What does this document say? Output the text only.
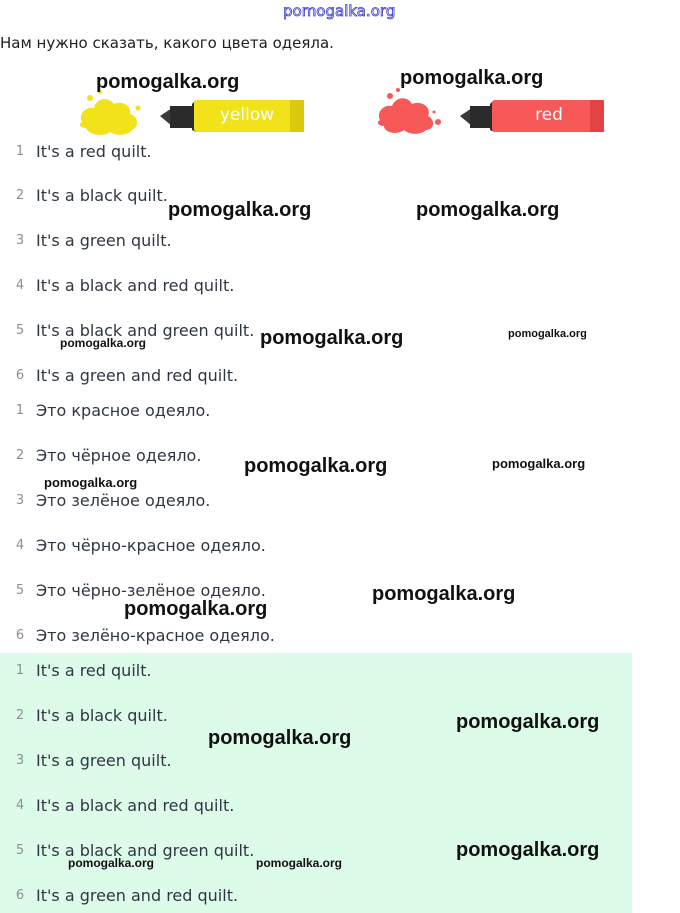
pomogalka.org
Нам нужно сказать, какого цвета одеяла.
yellow	red
1 It's a red quilt.
2 It's a black quilt.
3 It's a green quilt.
4 It's a black and red quilt.
5 It's a black and green quilt.
6 It's a green and red quilt.
1 Это красное одеяло.
2 Это чёрное одеяло.
3 Это зелёное одеяло.
4 Это чёрно-красное одеяло.
5 Это чёрно-зелёное одеяло.
6 Это зелёно-красное одеяло.
1 It's a red quilt.
2 It's a black quilt.
3 It's a green quilt.
4 It's a black and red quilt.
5 It's a black and green quilt.
6 It's a green and red quilt.
pomogalka.org	pomogalka.org
pomogalka.org	pomogalka.org
pomogalka.org
pomogalka.org
pomogalka.org
pomogalka.org	pomogalka.org
pomogalka.org
pomogalka.org
pomogalka.org
pomogalka.org
pomogalka.org
pomogalka.org
pomogalka.org	pomogalka.org
